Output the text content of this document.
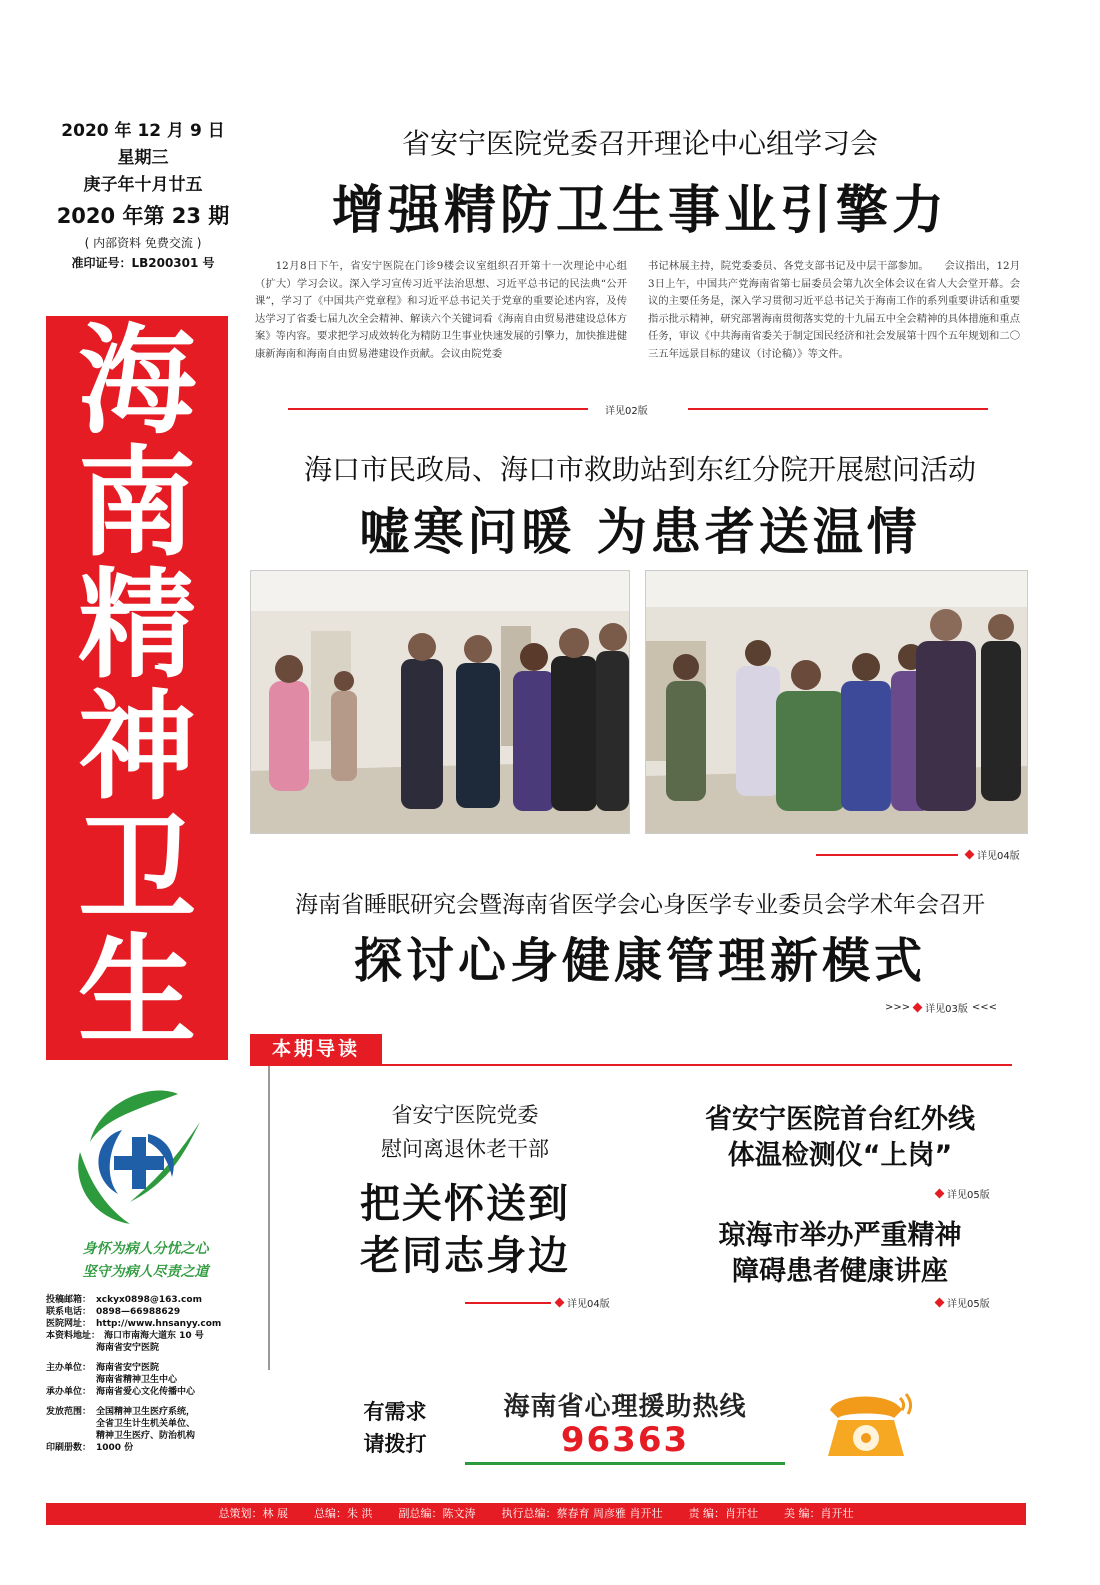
2020 年 12 月 9 日
星期三
庚子年十月廿五
2020 年第 23 期
( 内部资料 免费交流 )
准印证号：LB200301 号
海
南
精
神
卫
生
身怀为病人分忧之心
坚守为病人尽责之道
投稿邮箱： xckyx0898@163.com
联系电话： 0898—66988629
医院网址： http://www.hnsanyy.com
本资料地址： 海口市南海大道东 10 号
海南省安宁医院
主办单位： 海南省安宁医院
海南省精神卫生中心
承办单位： 海南省爱心文化传播中心
发放范围： 全国精神卫生医疗系统，
全省卫生计生机关单位、
精神卫生医疗、防治机构
印刷册数： 1000 份
省安宁医院党委召开理论中心组学习会
增强精防卫生事业引擎力
12月8日下午，省安宁医院在门诊9楼会议室组织召开第十一次理论中心组（扩大）学习会议。深入学习宣传习近平法治思想、习近平总书记的民法典“公开课”，学习了《中国共产党章程》和习近平总书记关于党章的重要论述内容，及传达学习了省委七届九次全会精神、解读六个关键词看《海南自由贸易港建设总体方案》等内容。要求把学习成效转化为精防卫生事业快速发展的引擎力，加快推进健康新海南和海南自由贸易港建设作贡献。会议由院党委
书记林展主持，院党委委员、各党支部书记及中层干部参加。　　会议指出，12月3日上午，中国共产党海南省第七届委员会第九次全体会议在省人大会堂开幕。会议的主要任务是，深入学习贯彻习近平总书记关于海南工作的系列重要讲话和重要指示批示精神，研究部署海南贯彻落实党的十九届五中全会精神的具体措施和重点任务，审议《中共海南省委关于制定国民经济和社会发展第十四个五年规划和二〇三五年远景目标的建议（讨论稿）》等文件。
详见02版
海口市民政局、海口市救助站到东红分院开展慰问活动
嘘寒问暖 为患者送温情
详见04版
海南省睡眠研究会暨海南省医学会心身医学专业委员会学术年会召开
探讨心身健康管理新模式
>>> 详见03版 <<<
本期导读
省安宁医院党委
慰问离退休老干部
把关怀送到
老同志身边
详见04版
省安宁医院首台红外线
体温检测仪“上岗”
详见05版
琼海市举办严重精神
障碍患者健康讲座
详见05版
有需求
请拨打
海南省心理援助热线
96363
总策划：林 展 总编：朱 洪 副总编：陈文涛 执行总编：蔡春育 周彦雅 肖开壮 责 编：肖开壮 美 编：肖开壮
